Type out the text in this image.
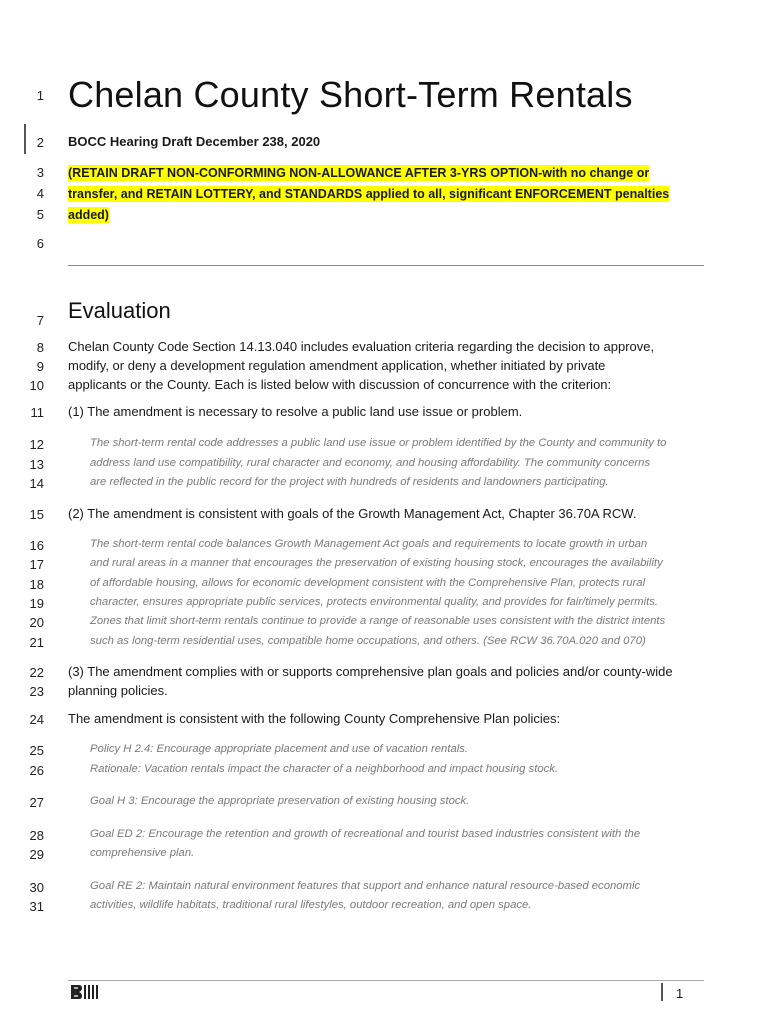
1
2
3
4
5
6
7
8
9
10
11
12
13
14
15
16
17
18
19
20
21
22
23
24
25
26
27
28
29
30
31
Chelan County Short-Term Rentals
BOCC Hearing Draft December 238, 2020
(RETAIN DRAFT NON-CONFORMING NON-ALLOWANCE AFTER 3-YRS OPTION-with no change or
transfer, and RETAIN LOTTERY, and STANDARDS applied to all, significant ENFORCEMENT penalties
added)
Evaluation
Chelan County Code Section 14.13.040 includes evaluation criteria regarding the decision to approve,
modify, or deny a development regulation amendment application, whether initiated by private
applicants or the County. Each is listed below with discussion of concurrence with the criterion:
(1) The amendment is necessary to resolve a public land use issue or problem.
The short-term rental code addresses a public land use issue or problem identified by the County and community to
address land use compatibility, rural character and economy, and housing affordability. The community concerns
are reflected in the public record for the project with hundreds of residents and landowners participating.
(2) The amendment is consistent with goals of the Growth Management Act, Chapter 36.70A RCW.
The short-term rental code balances Growth Management Act goals and requirements to locate growth in urban
and rural areas in a manner that encourages the preservation of existing housing stock, encourages the availability
of affordable housing, allows for economic development consistent with the Comprehensive Plan, protects rural
character, ensures appropriate public services, protects environmental quality, and provides for fair/timely permits.
Zones that limit short-term rentals continue to provide a range of reasonable uses consistent with the district intents
such as long-term residential uses, compatible home occupations, and others. (See RCW 36.70A.020 and 070)
(3) The amendment complies with or supports comprehensive plan goals and policies and/or county-wide
planning policies.
The amendment is consistent with the following County Comprehensive Plan policies:
Policy H 2.4: Encourage appropriate placement and use of vacation rentals.
Rationale: Vacation rentals impact the character of a neighborhood and impact housing stock.
Goal H 3: Encourage the appropriate preservation of existing housing stock.
Goal ED 2: Encourage the retention and growth of recreational and tourist based industries consistent with the
comprehensive plan.
Goal RE 2: Maintain natural environment features that support and enhance natural resource-based economic
activities, wildlife habitats, traditional rural lifestyles, outdoor recreation, and open space.
1
